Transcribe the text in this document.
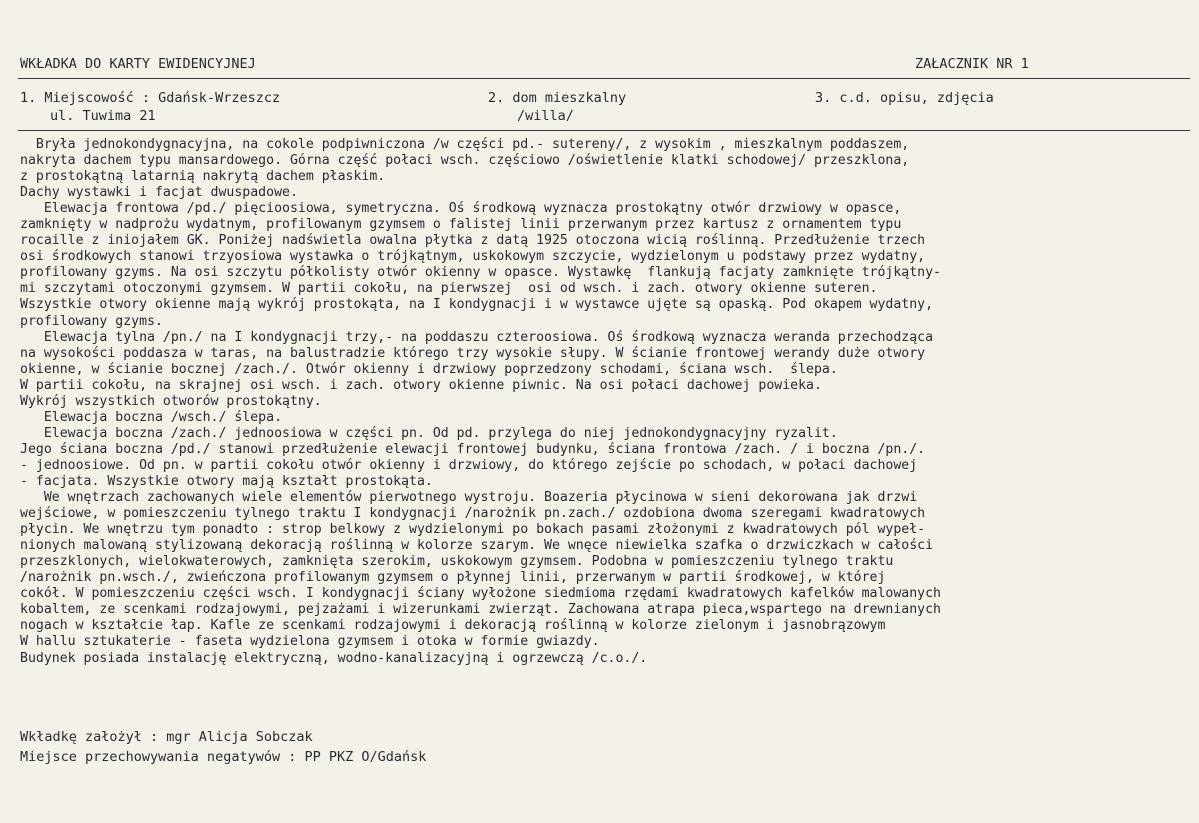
WKŁADKA DO KARTY EWIDENCYJNEJ	ZAŁACZNIK NR 1
1. Miejscowość : Gdańsk-Wrzeszcz
ul. Tuwima 21
2. dom mieszkalny
/willa/
3. c.d. opisu, zdjęcia
Bryła jednokondygnacyjna, na cokole podpiwniczona /w części pd.- sutereny/, z wysokim , mieszkalnym poddaszem,
nakryta dachem typu mansardowego. Górna część połaci wsch. częściowo /oświetlenie klatki schodowej/ przeszklona,
z prostokątną latarnią nakrytą dachem płaskim.
Dachy wystawki i facjat dwuspadowe.
Elewacja frontowa /pd./ pięcioosiowa, symetryczna. Oś środkową wyznacza prostokątny otwór drzwiowy w opasce,
zamknięty w nadprożu wydatnym, profilowanym gzymsem o falistej linii przerwanym przez kartusz z ornamentem typu
rocaille z iniojałem GK. Poniżej nadświetla owalna płytka z datą 1925 otoczona wicią roślinną. Przedłużenie trzech
osi środkowych stanowi trzyosiowa wystawka o trójkątnym, uskokowym szczycie, wydzielonym u podstawy przez wydatny,
profilowany gzyms. Na osi szczytu półkolisty otwór okienny w opasce. Wystawkę  flankują facjaty zamknięte trójkątny-
mi szczytami otoczonymi gzymsem. W partii cokołu, na pierwszej  osi od wsch. i zach. otwory okienne suteren.
Wszystkie otwory okienne mają wykrój prostokąta, na I kondygnacji i w wystawce ujęte są opaską. Pod okapem wydatny,
profilowany gzyms.
Elewacja tylna /pn./ na I kondygnacji trzy,- na poddaszu czteroosiowa. Oś środkową wyznacza weranda przechodząca
na wysokości poddasza w taras, na balustradzie którego trzy wysokie słupy. W ścianie frontowej werandy duże otwory
okienne, w ścianie bocznej /zach./. Otwór okienny i drzwiowy poprzedzony schodami, ściana wsch.  ślepa.
W partii cokołu, na skrajnej osi wsch. i zach. otwory okienne piwnic. Na osi połaci dachowej powieka.
Wykrój wszystkich otworów prostokątny.
Elewacja boczna /wsch./ ślepa.
Elewacja boczna /zach./ jednoosiowa w części pn. Od pd. przylega do niej jednokondygnacyjny ryzalit.
Jego ściana boczna /pd./ stanowi przedłużenie elewacji frontowej budynku, ściana frontowa /zach. / i boczna /pn./.
- jednoosiowe. Od pn. w partii cokołu otwór okienny i drzwiowy, do którego zejście po schodach, w połaci dachowej
- facjata. Wszystkie otwory mają kształt prostokąta.
We wnętrzach zachowanych wiele elementów pierwotnego wystroju. Boazeria płycinowa w sieni dekorowana jak drzwi
wejściowe, w pomieszczeniu tylnego traktu I kondygnacji /narożnik pn.zach./ ozdobiona dwoma szeregami kwadratowych
płycin. We wnętrzu tym ponadto : strop belkowy z wydzielonymi po bokach pasami złożonymi z kwadratowych pól wypeł-
nionych malowaną stylizowaną dekoracją roślinną w kolorze szarym. We wnęce niewielka szafka o drzwiczkach w całości
przeszklonych, wielokwaterowych, zamknięta szerokim, uskokowym gzymsem. Podobna w pomieszczeniu tylnego traktu
/narożnik pn.wsch./, zwieńczona profilowanym gzymsem o płynnej linii, przerwanym w partii środkowej, w której
cokół. W pomieszczeniu części wsch. I kondygnacji ściany wyłożone siedmioma rzędami kwadratowych kafelków malowanych
kobaltem, ze scenkami rodzajowymi, pejzażami i wizerunkami zwierząt. Zachowana atrapa pieca,wspartego na drewnianych
nogach w kształcie łap. Kafle ze scenkami rodzajowymi i dekoracją roślinną w kolorze zielonym i jasnobrązowym
W hallu sztukaterie - faseta wydzielona gzymsem i otoka w formie gwiazdy.
Budynek posiada instalację elektryczną, wodno-kanalizacyjną i ogrzewczą /c.o./.
Wkładkę założył : mgr Alicja Sobczak
Miejsce przechowywania negatywów : PP PKZ O/Gdańsk
